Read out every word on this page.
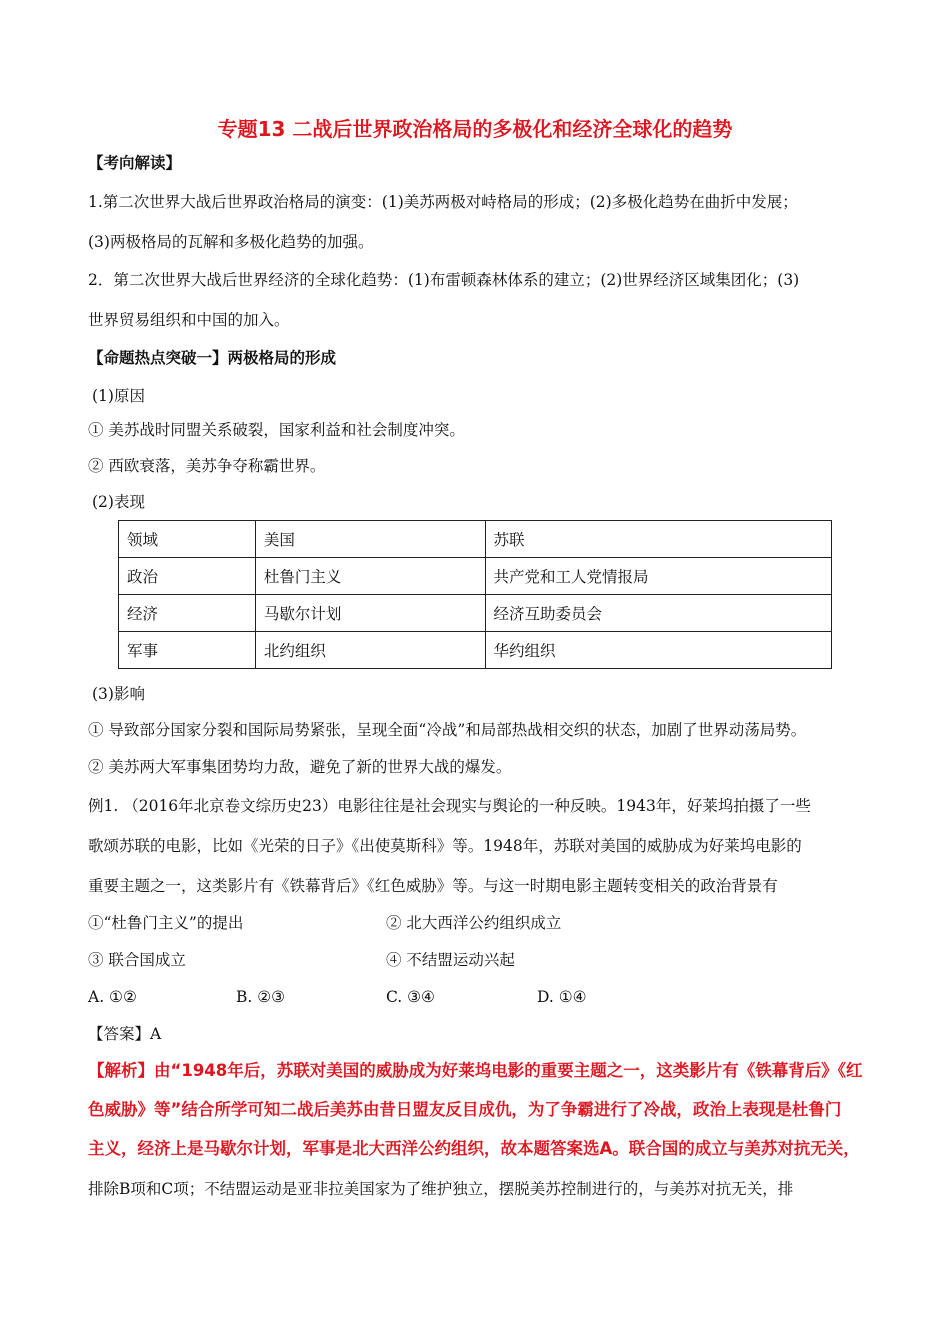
专题13 二战后世界政治格局的多极化和经济全球化的趋势
【考向解读】
1.第二次世界大战后世界政治格局的演变：(1)美苏两极对峙格局的形成；(2)多极化趋势在曲折中发展；
(3)两极格局的瓦解和多极化趋势的加强。
2．第二次世界大战后世界经济的全球化趋势：(1)布雷顿森林体系的建立；(2)世界经济区域集团化；(3)
世界贸易组织和中国的加入。
【命题热点突破一】两极格局的形成
(1)原因
① 美苏战时同盟关系破裂，国家利益和社会制度冲突。
② 西欧衰落，美苏争夺称霸世界。
(2)表现
领域	美国	苏联
政治	杜鲁门主义	共产党和工人党情报局
经济	马歇尔计划	经济互助委员会
军事	北约组织	华约组织
(3)影响
① 导致部分国家分裂和国际局势紧张，呈现全面“冷战”和局部热战相交织的状态，加剧了世界动荡局势。
② 美苏两大军事集团势均力敌，避免了新的世界大战的爆发。
例1. （2016年北京卷文综历史23）电影往往是社会现实与舆论的一种反映。1943年，好莱坞拍摄了一些
歌颂苏联的电影，比如《光荣的日子》《出使莫斯科》等。1948年，苏联对美国的威胁成为好莱坞电影的
重要主题之一，这类影片有《铁幕背后》《红色威胁》等。与这一时期电影主题转变相关的政治背景有
①“杜鲁门主义”的提出	② 北大西洋公约组织成立
③ 联合国成立	④ 不结盟运动兴起
A. ①②	B. ②③	C. ③④	D. ①④
【答案】A
【解析】由“1948年后，苏联对美国的威胁成为好莱坞电影的重要主题之一，这类影片有《铁幕背后》《红
色威胁》等”结合所学可知二战后美苏由昔日盟友反目成仇，为了争霸进行了冷战，政治上表现是杜鲁门
主义，经济上是马歇尔计划，军事是北大西洋公约组织，故本题答案选A。联合国的成立与美苏对抗无关，
排除B项和C项；不结盟运动是亚非拉美国家为了维护独立，摆脱美苏控制进行的，与美苏对抗无关，排
